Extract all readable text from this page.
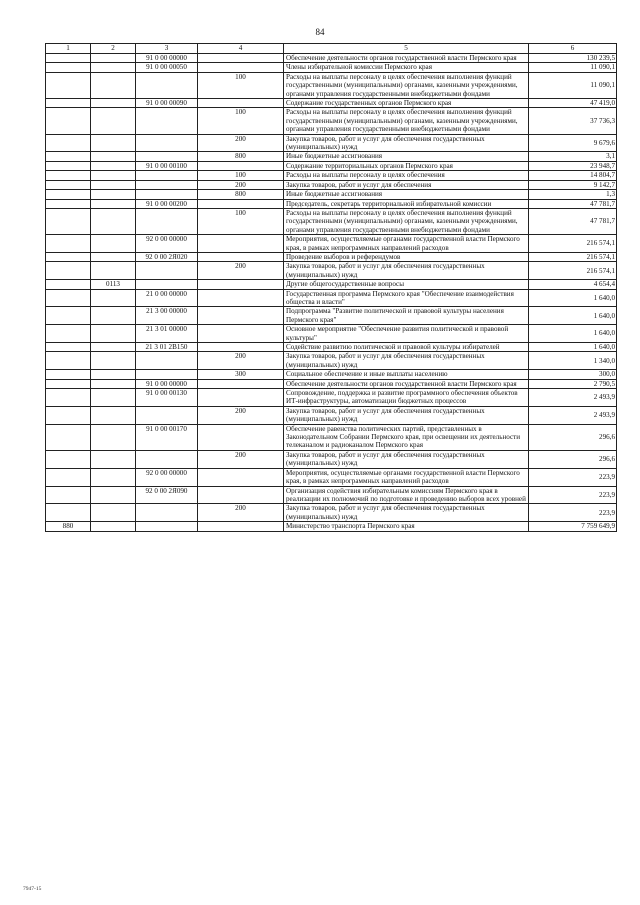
84
1	2	3	4	5	6
		91 0 00 00000		Обеспечение деятельности органов государственной власти Пермского края	130 239,5
		91 0 00 00050		Члены избирательной комиссии Пермского края	11 090,1
			100	Расходы на выплаты персоналу в целях обеспечения выполнения функций государственными (муниципальными) органами, казенными учреждениями, органами управления государственными внебюджетными фондами	11 090,1
		91 0 00 00090		Содержание государственных органов Пермского края	47 419,0
			100	Расходы на выплаты персоналу в целях обеспечения выполнения функций государственными (муниципальными) органами, казенными учреждениями, органами управления государственными внебюджетными фондами	37 736,3
			200	Закупка товаров, работ и услуг для обеспечения государственных (муниципальных) нужд	9 679,6
			800	Иные бюджетные ассигнования	3,1
		91 0 00 00100		Содержание территориальных органов Пермского края	23 948,7
			100	Расходы на выплаты персоналу в целях обеспечения	14 804,7
			200	Закупка товаров, работ и услуг для обеспечения	9 142,7
			800	Иные бюджетные ассигнования	1,3
		91 0 00 00200		Председатель, секретарь территориальной избирательной комиссии	47 781,7
			100	Расходы на выплаты персоналу в целях обеспечения выполнения функций государственными (муниципальными) органами, казенными учреждениями, органами управления государственными внебюджетными фондами	47 781,7
		92 0 00 00000		Мероприятия, осуществляемые органами государственной власти Пермского края, в рамках непрограммных направлений расходов	216 574,1
		92 0 00 2Я020		Проведение выборов и референдумов	216 574,1
			200	Закупка товаров, работ и услуг для обеспечения государственных (муниципальных) нужд	216 574,1
	0113			Другие общегосударственные вопросы	4 654,4
		21 0 00 00000		Государственная программа Пермского края "Обеспечение взаимодействия общества и власти"	1 640,0
		21 3 00 00000		Подпрограмма "Развитие политической и правовой культуры населения Пермского края"	1 640,0
		21 3 01 00000		Основное мероприятие "Обеспечение развития политической и правовой культуры"	1 640,0
		21 3 01 2В150		Содействие развитию политической и правовой культуры избирателей	1 640,0
			200	Закупка товаров, работ и услуг для обеспечения государственных (муниципальных) нужд	1 340,0
			300	Социальное обеспечение и иные выплаты населению	300,0
		91 0 00 00000		Обеспечение деятельности органов государственной власти Пермского края	2 790,5
		91 0 00 00130		Сопровождение, поддержка и развитие программного обеспечения объектов ИТ-инфраструктуры, автоматизации бюджетных процессов	2 493,9
			200	Закупка товаров, работ и услуг для обеспечения государственных (муниципальных) нужд	2 493,9
		91 0 00 00170		Обеспечение равенства политических партий, представленных в Законодательном Собрании Пермского края, при освещении их деятельности телеканалом и радиоканалом Пермского края	296,6
			200	Закупка товаров, работ и услуг для обеспечения государственных (муниципальных) нужд	296,6
		92 0 00 00000		Мероприятия, осуществляемые органами государственной власти Пермского края, в рамках непрограммных направлений расходов	223,9
		92 0 00 2Я090		Организация содействия избирательным комиссиям Пермского края в реализации их полномочий по подготовке и проведению выборов всех уровней	223,9
			200	Закупка товаров, работ и услуг для обеспечения государственных (муниципальных) нужд	223,9
880				Министерство транспорта Пермского края	7 759 649,9
7947-15
